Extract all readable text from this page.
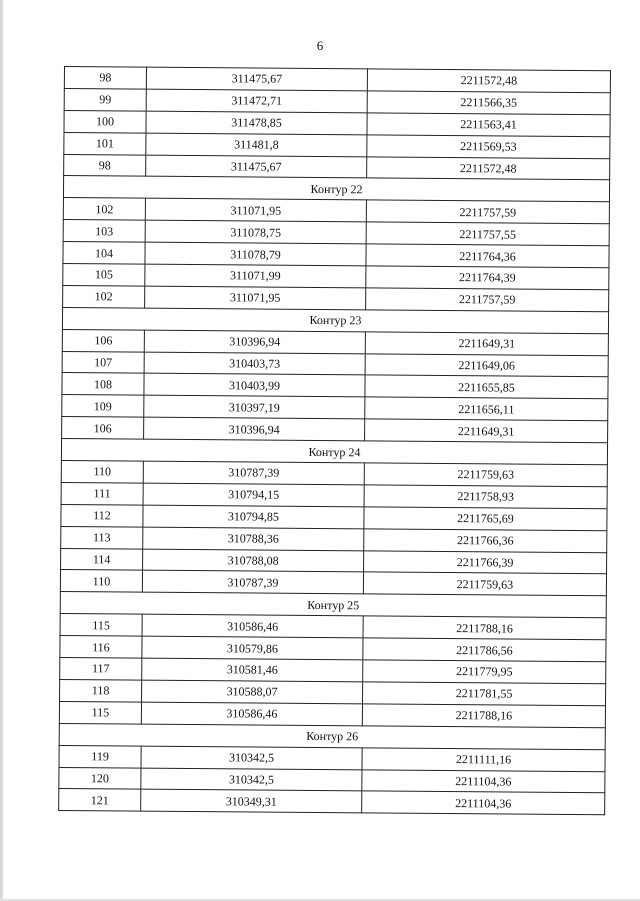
6
98	311475,67	2211572,48
99	311472,71	2211566,35
100	311478,85	2211563,41
101	311481,8	2211569,53
98	311475,67	2211572,48
Контур 22		
102	311071,95	2211757,59
103	311078,75	2211757,55
104	311078,79	2211764,36
105	311071,99	2211764,39
102	311071,95	2211757,59
Контур 23		
106	310396,94	2211649,31
107	310403,73	2211649,06
108	310403,99	2211655,85
109	310397,19	2211656,11
106	310396,94	2211649,31
Контур 24		
110	310787,39	2211759,63
111	310794,15	2211758,93
112	310794,85	2211765,69
113	310788,36	2211766,36
114	310788,08	2211766,39
110	310787,39	2211759,63
Контур 25		
115	310586,46	2211788,16
116	310579,86	2211786,56
117	310581,46	2211779,95
118	310588,07	2211781,55
115	310586,46	2211788,16
Контур 26		
119	310342,5	2211111,16
120	310342,5	2211104,36
121	310349,31	2211104,36
